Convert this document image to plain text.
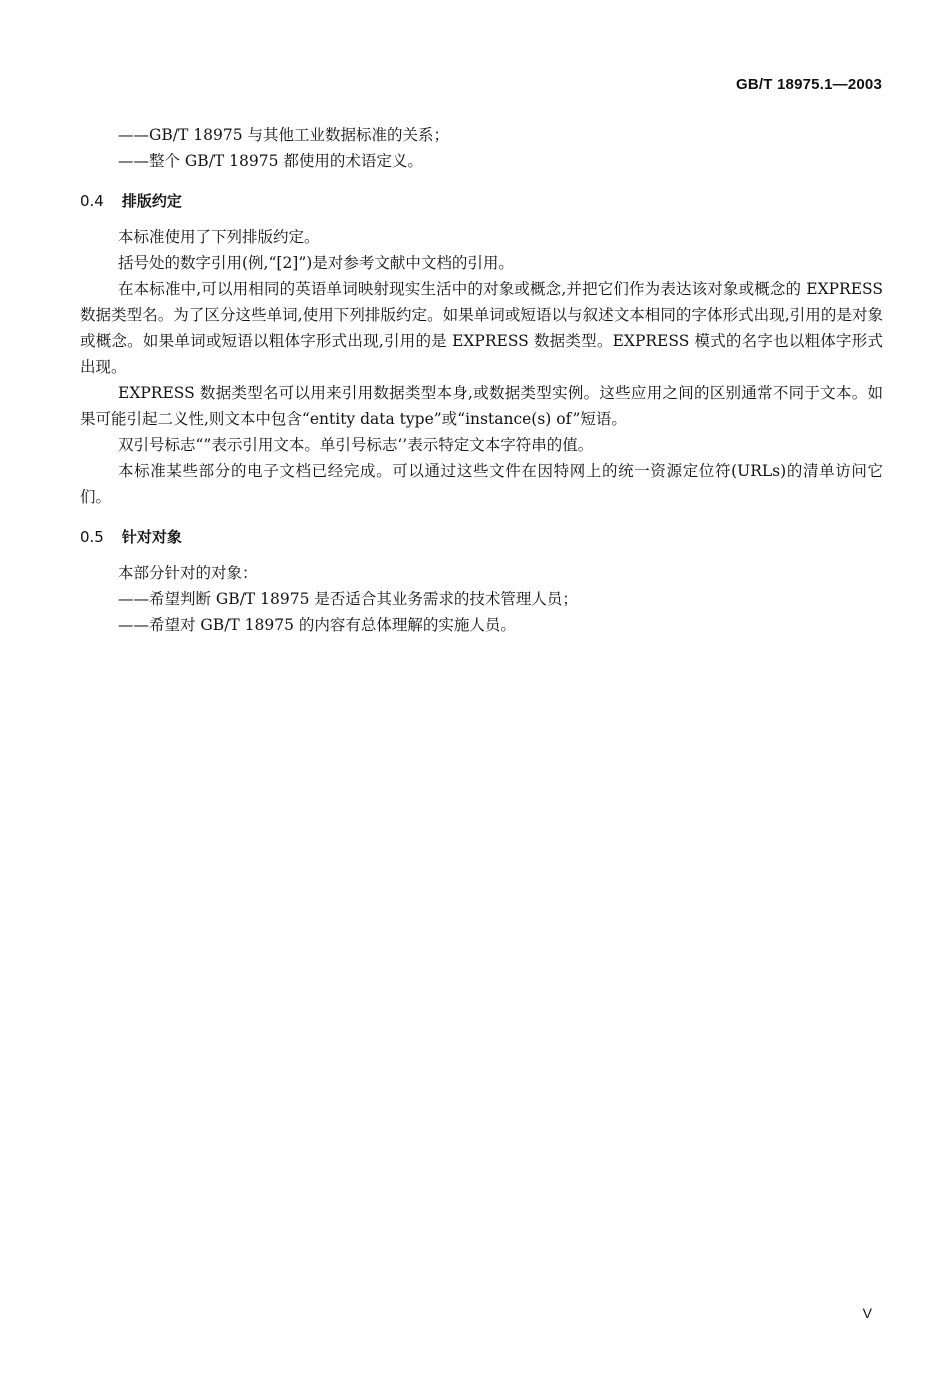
GB/T 18975.1—2003

——GB/T 18975 与其他工业数据标准的关系；

——整个 GB/T 18975 都使用的术语定义。

0.4 排版约定

本标准使用了下列排版约定。

括号处的数字引用(例,“[2]”)是对参考文献中文档的引用。

在本标准中,可以用相同的英语单词映射现实生活中的对象或概念,并把它们作为表达该对象或概念的 EXPRESS 数据类型名。为了区分这些单词,使用下列排版约定。如果单词或短语以与叙述文本相同的字体形式出现,引用的是对象或概念。如果单词或短语以粗体字形式出现,引用的是 EXPRESS 数据类型。EXPRESS 模式的名字也以粗体字形式出现。

EXPRESS 数据类型名可以用来引用数据类型本身,或数据类型实例。这些应用之间的区别通常不同于文本。如果可能引起二义性,则文本中包含“entity data type”或“instance(s) of”短语。

双引号标志“”表示引用文本。单引号标志‘’表示特定文本字符串的值。

本标准某些部分的电子文档已经完成。可以通过这些文件在因特网上的统一资源定位符(URLs)的清单访问它们。

0.5 针对对象

本部分针对的对象：

——希望判断 GB/T 18975 是否适合其业务需求的技术管理人员；

——希望对 GB/T 18975 的内容有总体理解的实施人员。

V
